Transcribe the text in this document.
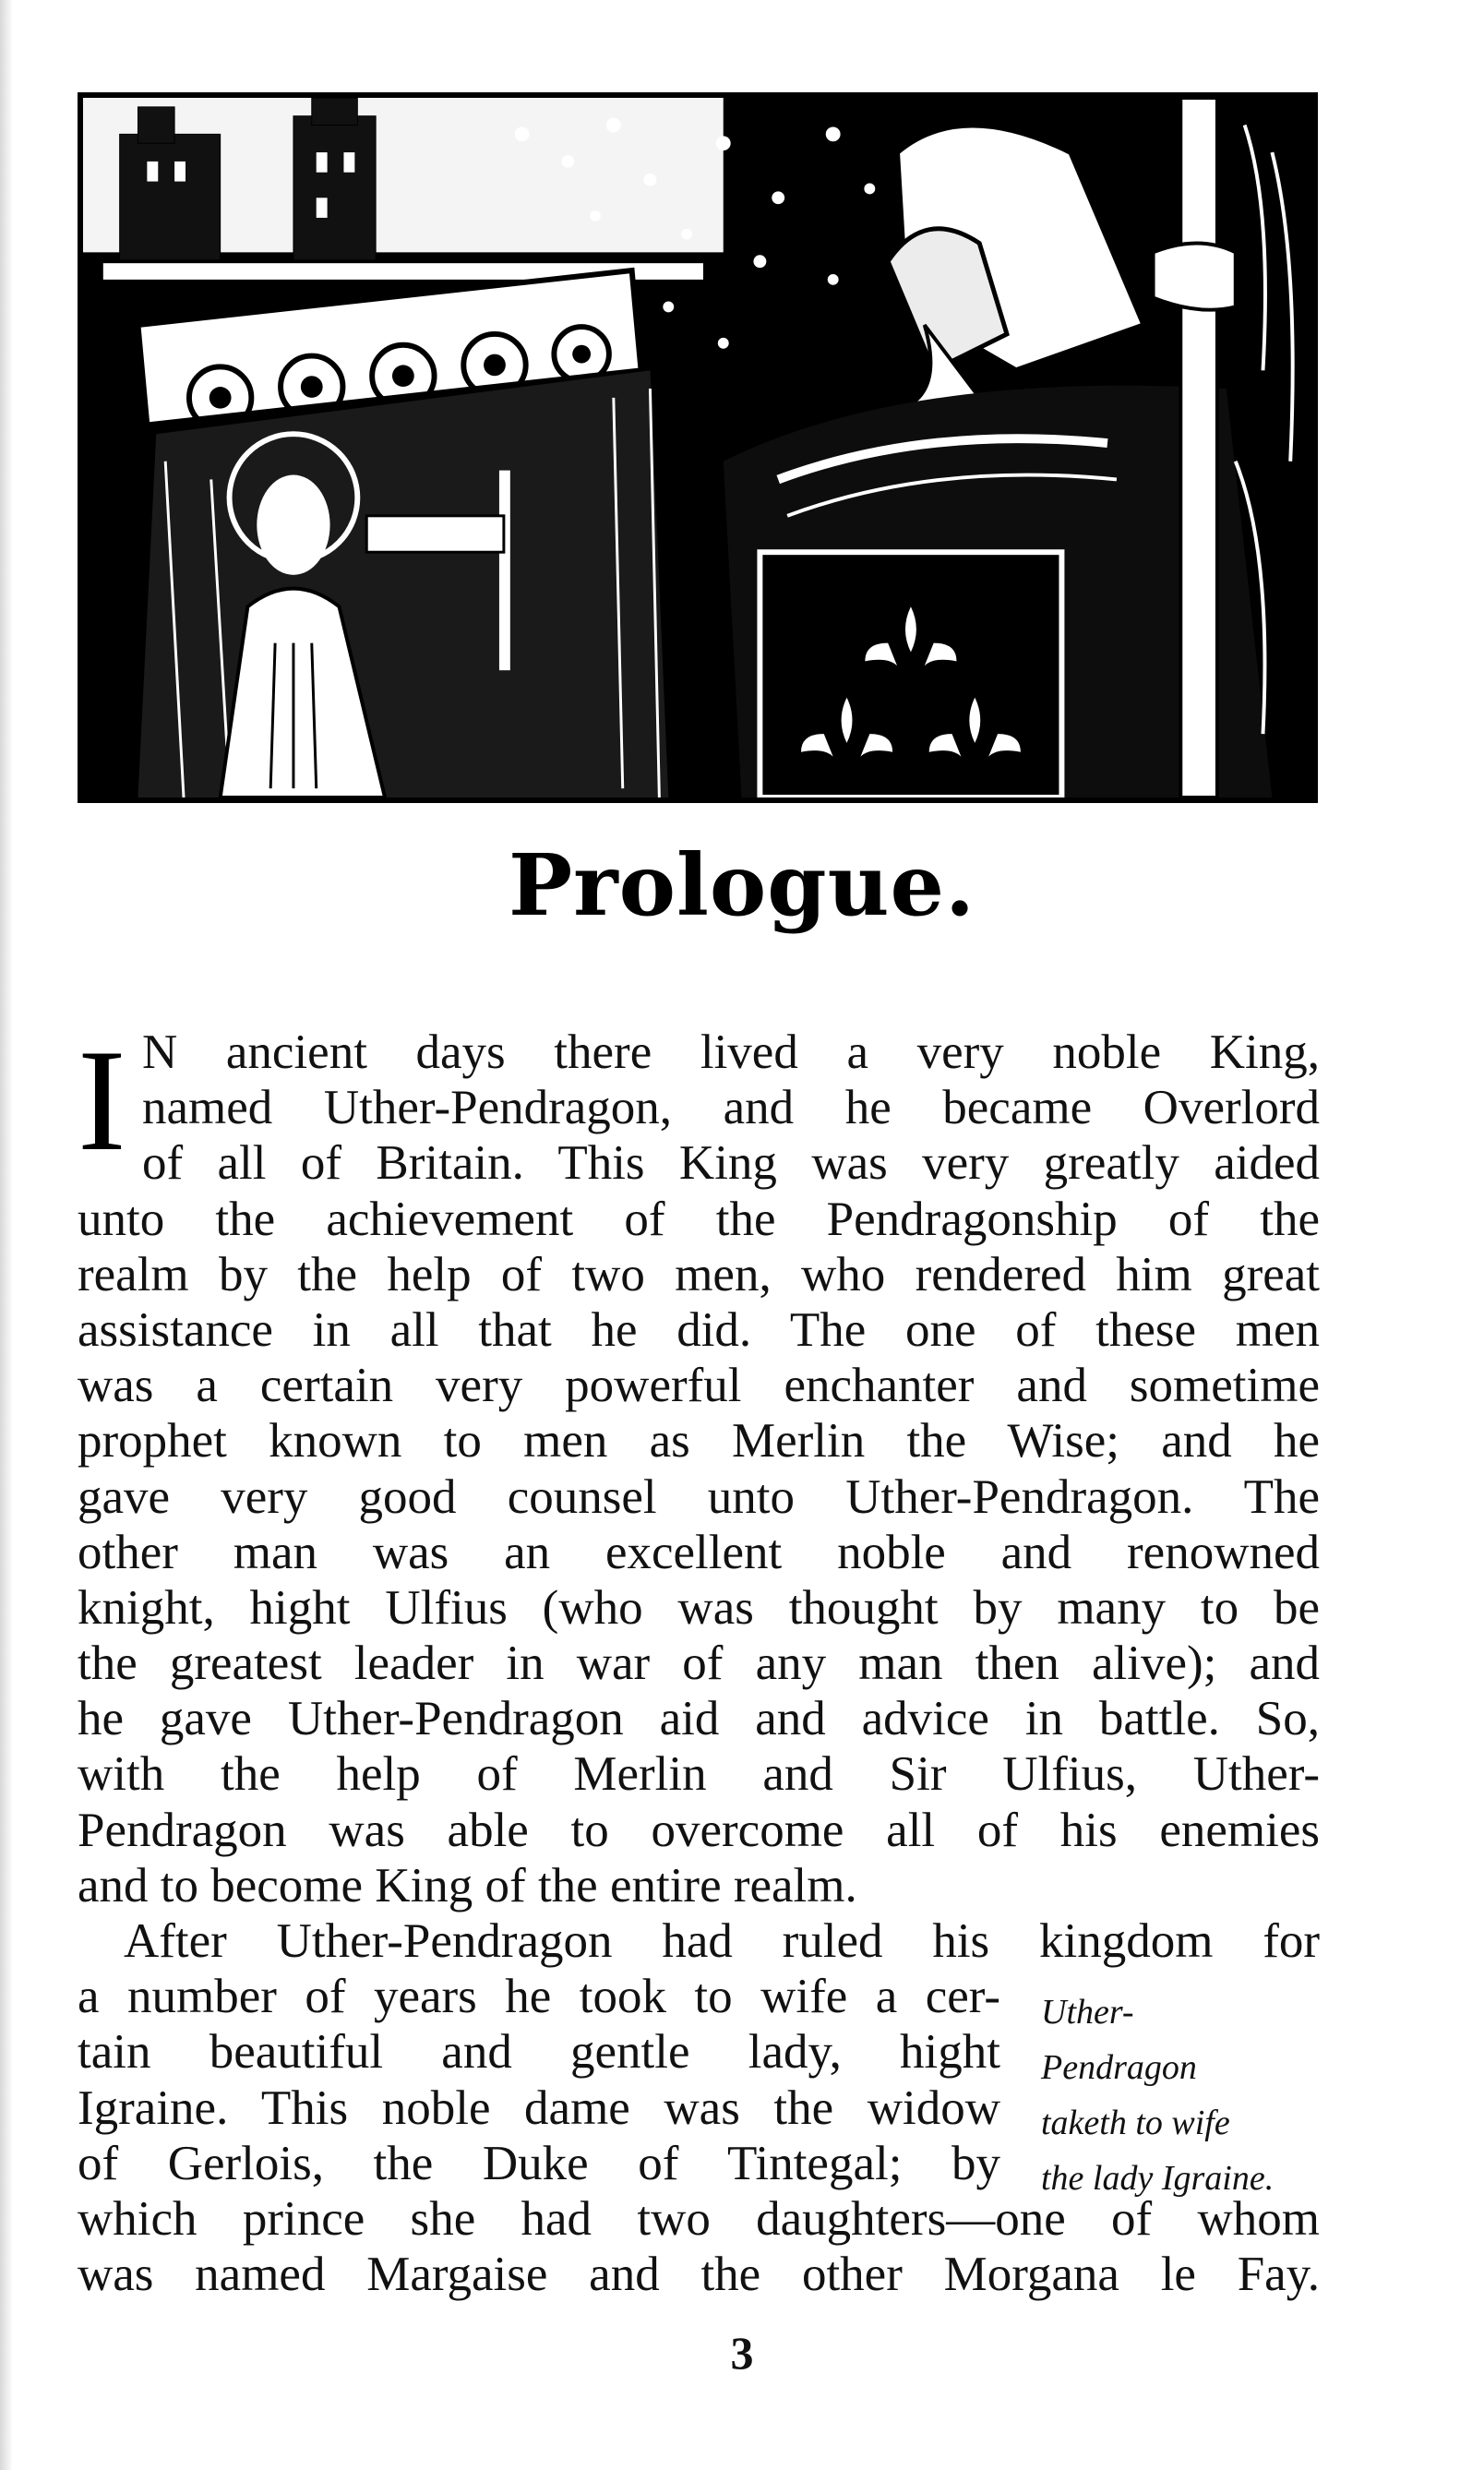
Prologue.
I N ancient days there lived a very noble King,
named Uther-Pendragon, and he became Overlord
of all of Britain. This King was very greatly aided
unto the achievement of the Pendragonship of the
realm by the help of two men, who rendered him great
assistance in all that he did. The one of these men
was a certain very powerful enchanter and sometime
prophet known to men as Merlin the Wise; and he
gave very good counsel unto Uther-Pendragon. The
other man was an excellent noble and renowned
knight, hight Ulfius (who was thought by many to be
the greatest leader in war of any man then alive); and
he gave Uther-Pendragon aid and advice in battle. So,
with the help of Merlin and Sir Ulfius, Uther-
Pendragon was able to overcome all of his enemies
and to become King of the entire realm.
After Uther-Pendragon had ruled his kingdom for
a number of years he took to wife a cer-
tain beautiful and gentle lady, hight
Igraine. This noble dame was the widow
of Gerlois, the Duke of Tintegal; by
which prince she had two daughters—one of whom
was named Margaise and the other Morgana le Fay.
Uther-
Pendragon
taketh to wife
the lady Igraine.
3
